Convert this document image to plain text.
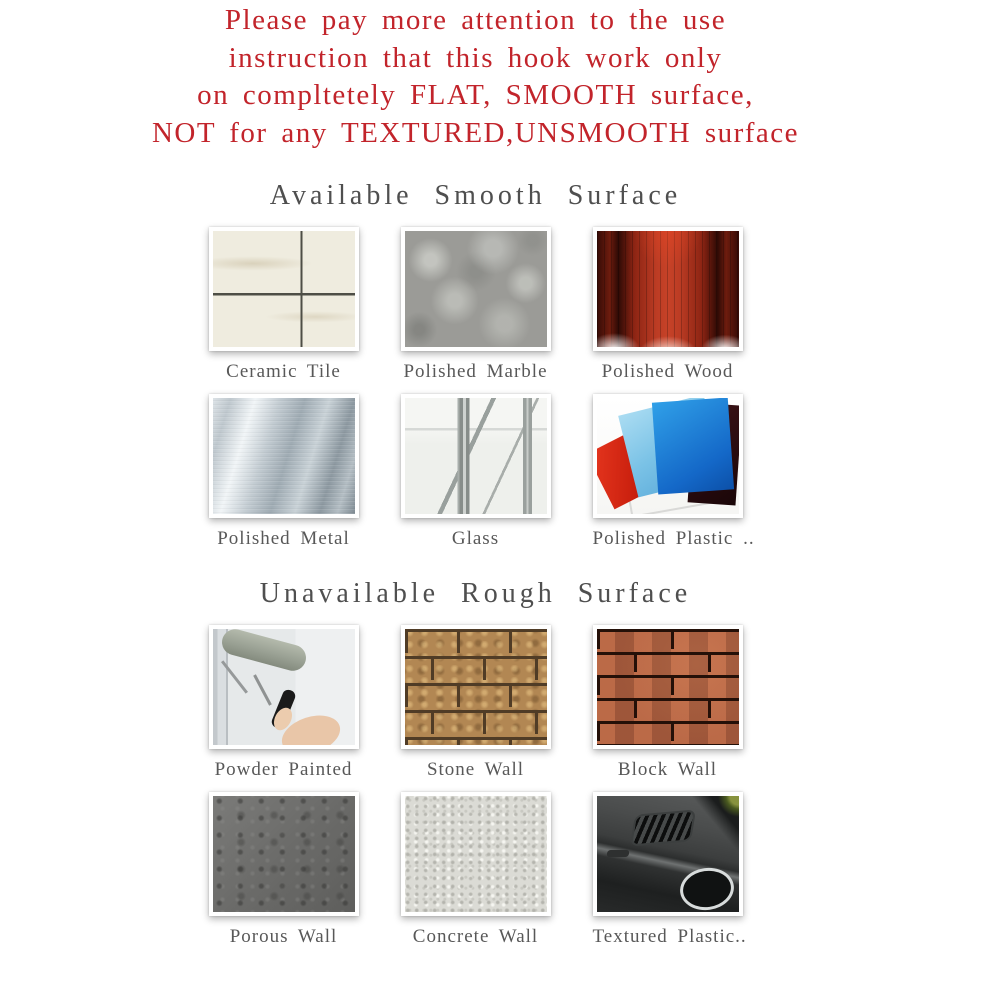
Please pay more attention to the use
instruction that this hook work only
on compltetely FLAT, SMOOTH surface,
NOT for any TEXTURED,UNSMOOTH surface
Available Smooth Surface
Ceramic Tile	Polished Marble	Polished Wood
Polished Metal	Glass	Polished Plastic ..
Unavailable Rough Surface
Powder Painted	Stone Wall	Block Wall
Porous Wall	Concrete Wall	Textured Plastic..
